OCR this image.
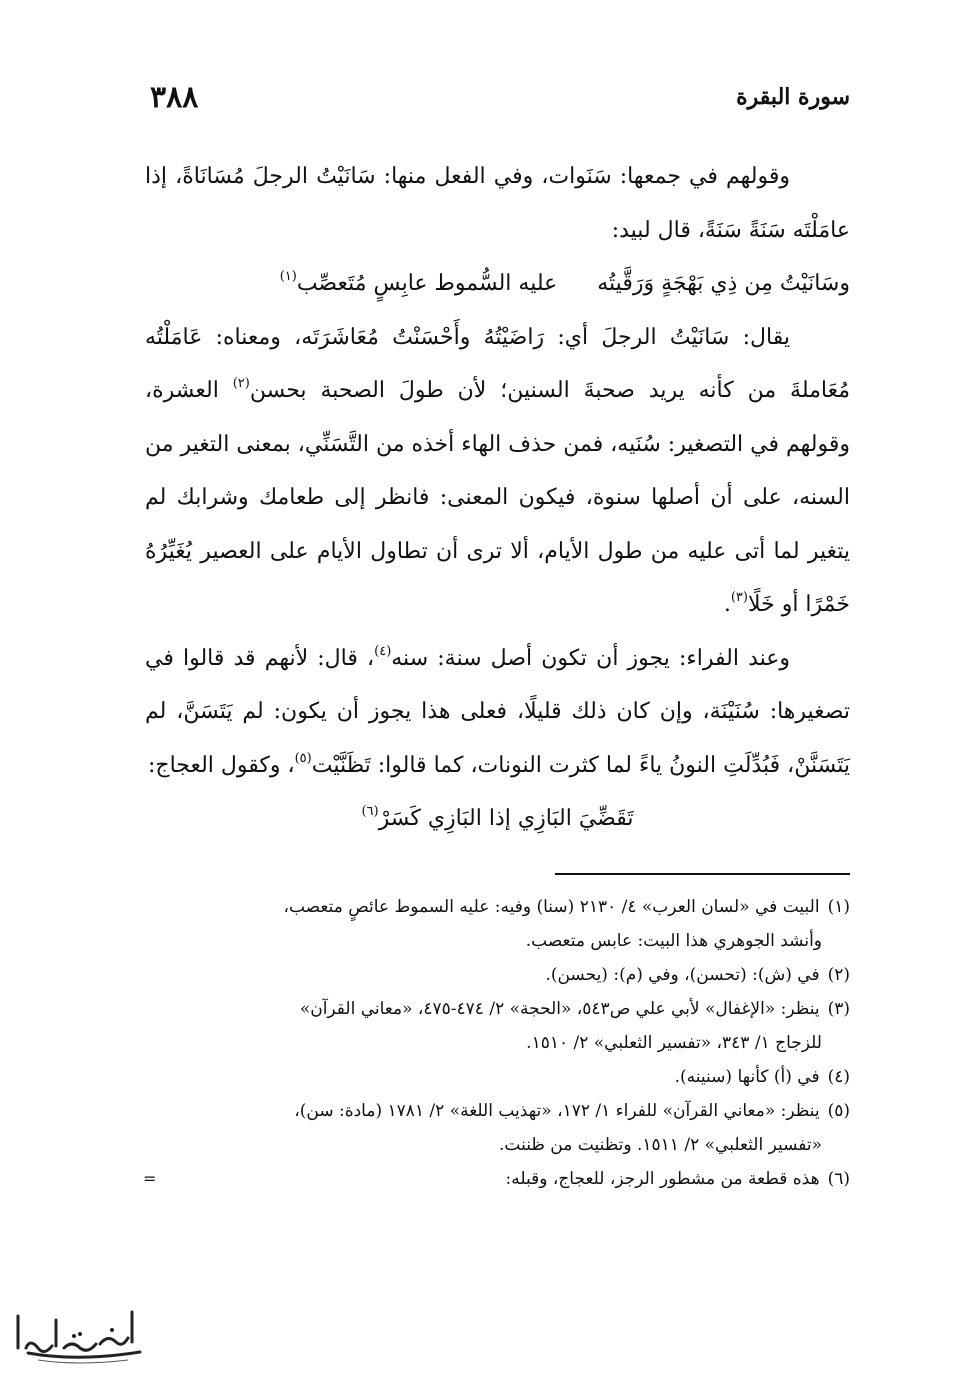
٣٨٨	سورة البقرة

وقولهم في جمعها: سَنَوات، وفي الفعل منها: سَانَيْتُ الرجلَ مُسَانَاةً، إذا عامَلْتَه سَنَةً سَنَةً، قال لبيد:

وسَانَيْتُ مِن ذِي بَهْجَةٍ وَرَقَّيتُهعليه السُّموط عابِسٍ مُتَعصِّب$^{(١)}$

يقال: سَانَيْتُ الرجلَ أي: رَاضَيْتُهُ وأَحْسَنْتُ مُعَاشَرَتَه، ومعناه: عَامَلْتُه مُعَاملةَ من كأنه يريد صحبةَ السنين؛ لأن طولَ الصحبة بحسن$^{(٢)}$ العشرة، وقولهم في التصغير: سُنَيه، فمن حذف الهاء أخذه من التَّسَنِّي، بمعنى التغير من السنه، على أن أصلها سنوة، فيكون المعنى: فانظر إلى طعامك وشرابك لم يتغير لما أتى عليه من طول الأيام، ألا ترى أن تطاول الأيام على العصير يُغَيِّرُهُ خَمْرًا أو خَلًا$^{(٣)}$.

وعند الفراء: يجوز أن تكون أصل سنة: سنه$^{(٤)}$، قال: لأنهم قد قالوا في تصغيرها: سُنَيْنَة، وإن كان ذلك قليلًا، فعلى هذا يجوز أن يكون: لم يَتَسَنَّ، لم يَتَسَنَّنْ، فَبُدِّلَتِ النونُ ياءً لما كثرت النونات، كما قالوا: تَظَنَّيْت$^{(٥)}$، وكقول العجاج:

تَقَضِّيَ البَازِي إذا البَازِي كَسَرْ$^{(٦)}$

(١)البيت في «لسان العرب» ٤/ ٢١٣٠ (سنا) وفيه: عليه السموط عائصٍ متعصب،
وأنشد الجوهري هذا البيت: عابس متعصب.

(٢)في (ش): (تحسن)، وفي (م): (يحسن).

(٣)ينظر: «الإغفال» لأبي علي ص٥٤٣، «الحجة» ٢/ ٤٧٤-٤٧٥، «معاني القرآن»
للزجاج ١/ ٣٤٣، «تفسير الثعلبي» ٢/ ١٥١٠.

(٤)في (أ) كأنها (سنينه).

(٥)ينظر: «معاني القرآن» للفراء ١/ ١٧٢، «تهذيب اللغة» ٢/ ١٧٨١ (مادة: سن)،
«تفسير الثعلبي» ٢/ ١٥١١. وتظنيت من ظننت.

(٦)هذه قطعة من مشطور الرجز، للعجاج، وقبله:
=
